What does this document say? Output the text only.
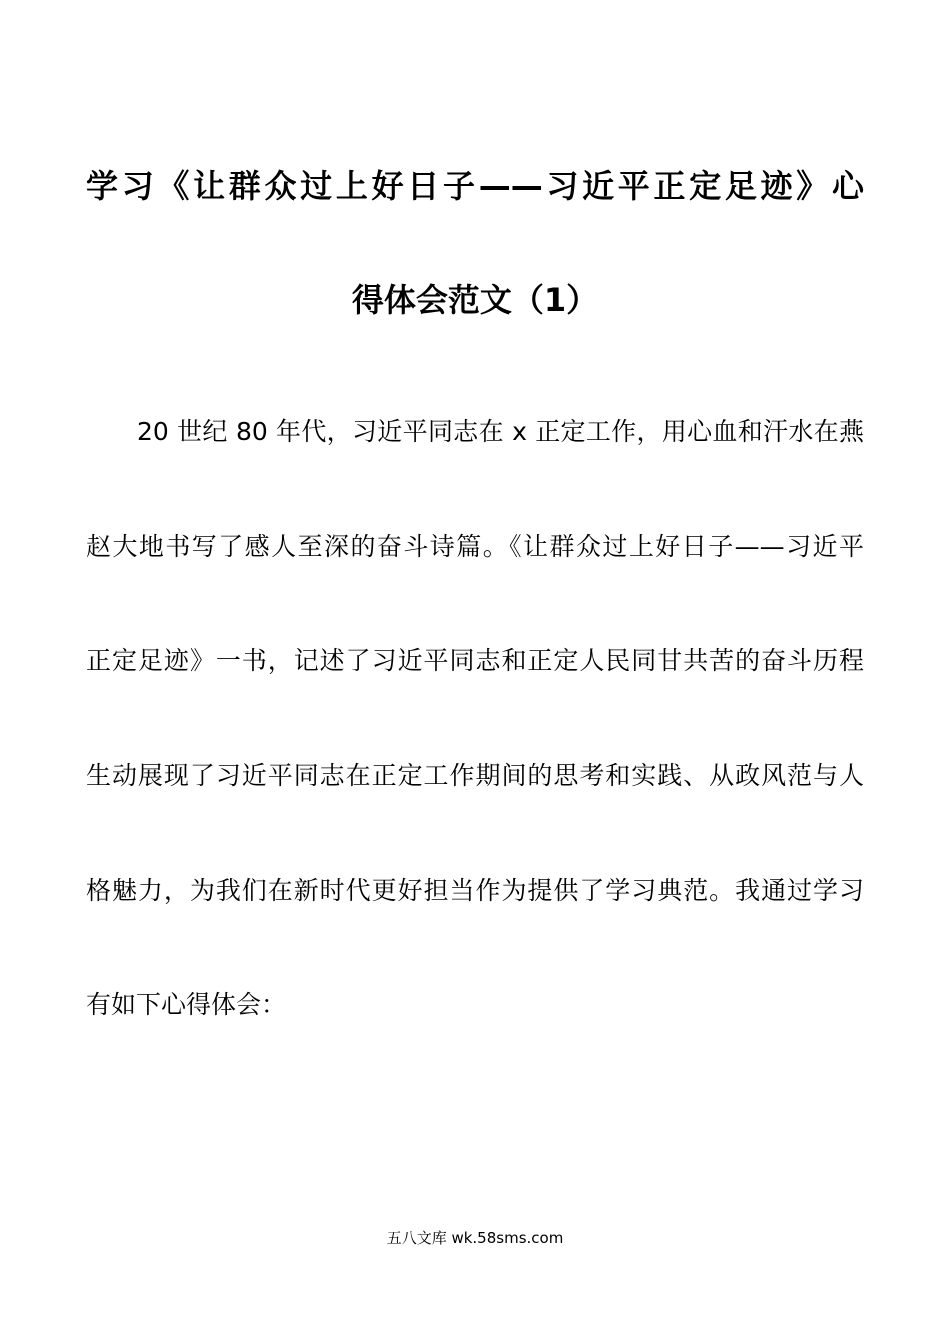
学习《让群众过上好日子——习近平正定足迹》心
得体会范文（1）
20 世纪 80 年代，习近平同志在 x 正定工作，用心血和汗水在燕
赵大地书写了感人至深的奋斗诗篇。《让群众过上好日子——习近平
正定足迹》一书，记述了习近平同志和正定人民同甘共苦的奋斗历程
生动展现了习近平同志在正定工作期间的思考和实践、从政风范与人
格魅力，为我们在新时代更好担当作为提供了学习典范。我通过学习
有如下心得体会：
五八文库 wk.58sms.com
